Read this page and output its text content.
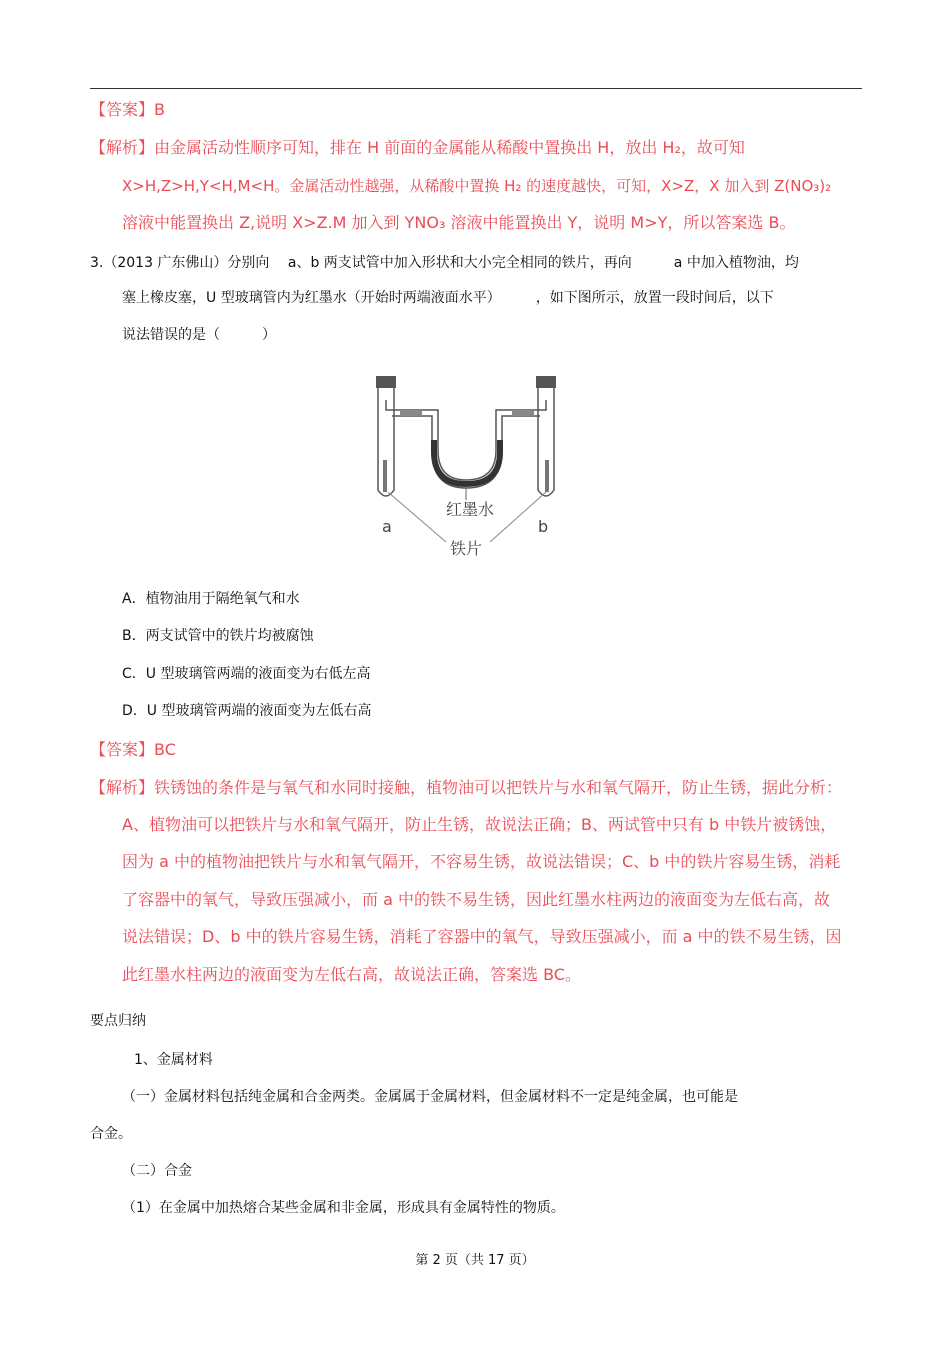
【答案】B
【解析】由金属活动性顺序可知，排在 H 前面的金属能从稀酸中置换出 H，放出 H₂，故可知
X>H,Z>H,Y<H,M<H。金属活动性越强，从稀酸中置换 H₂ 的速度越快，可知，X>Z，X 加入到 Z(NO₃)₂
溶液中能置换出 Z,说明 X>Z.M 加入到 YNO₃ 溶液中能置换出 Y，说明 M>Y，所以答案选 B。
3.（2013 广东佛山）分别向　 a、b 两支试管中加入形状和大小完全相同的铁片，再向　　　a 中加入植物油，均
塞上橡皮塞，U 型玻璃管内为红墨水（开始时两端液面水平）　　　，如下图所示，放置一段时间后，以下
说法错误的是（　　　）
红墨水
a	b
铁片
A．植物油用于隔绝氧气和水
B．两支试管中的铁片均被腐蚀
C．U 型玻璃管两端的液面变为右低左高
D．U 型玻璃管两端的液面变为左低右高
【答案】BC
【解析】铁锈蚀的条件是与氧气和水同时接触，植物油可以把铁片与水和氧气隔开，防止生锈，据此分析：
A、植物油可以把铁片与水和氧气隔开，防止生锈，故说法正确；B、两试管中只有 b 中铁片被锈蚀，
因为 a 中的植物油把铁片与水和氧气隔开，不容易生锈，故说法错误；C、b 中的铁片容易生锈，消耗
了容器中的氧气，导致压强减小，而 a 中的铁不易生锈，因此红墨水柱两边的液面变为左低右高，故
说法错误；D、b 中的铁片容易生锈，消耗了容器中的氧气，导致压强减小，而 a 中的铁不易生锈，因
此红墨水柱两边的液面变为左低右高，故说法正确，答案选 BC。
要点归纳
1、金属材料
（一）金属材料包括纯金属和合金两类。金属属于金属材料，但金属材料不一定是纯金属，也可能是
合金。
（二）合金
（1）在金属中加热熔合某些金属和非金属，形成具有金属特性的物质。
第 2 页（共 17 页）
